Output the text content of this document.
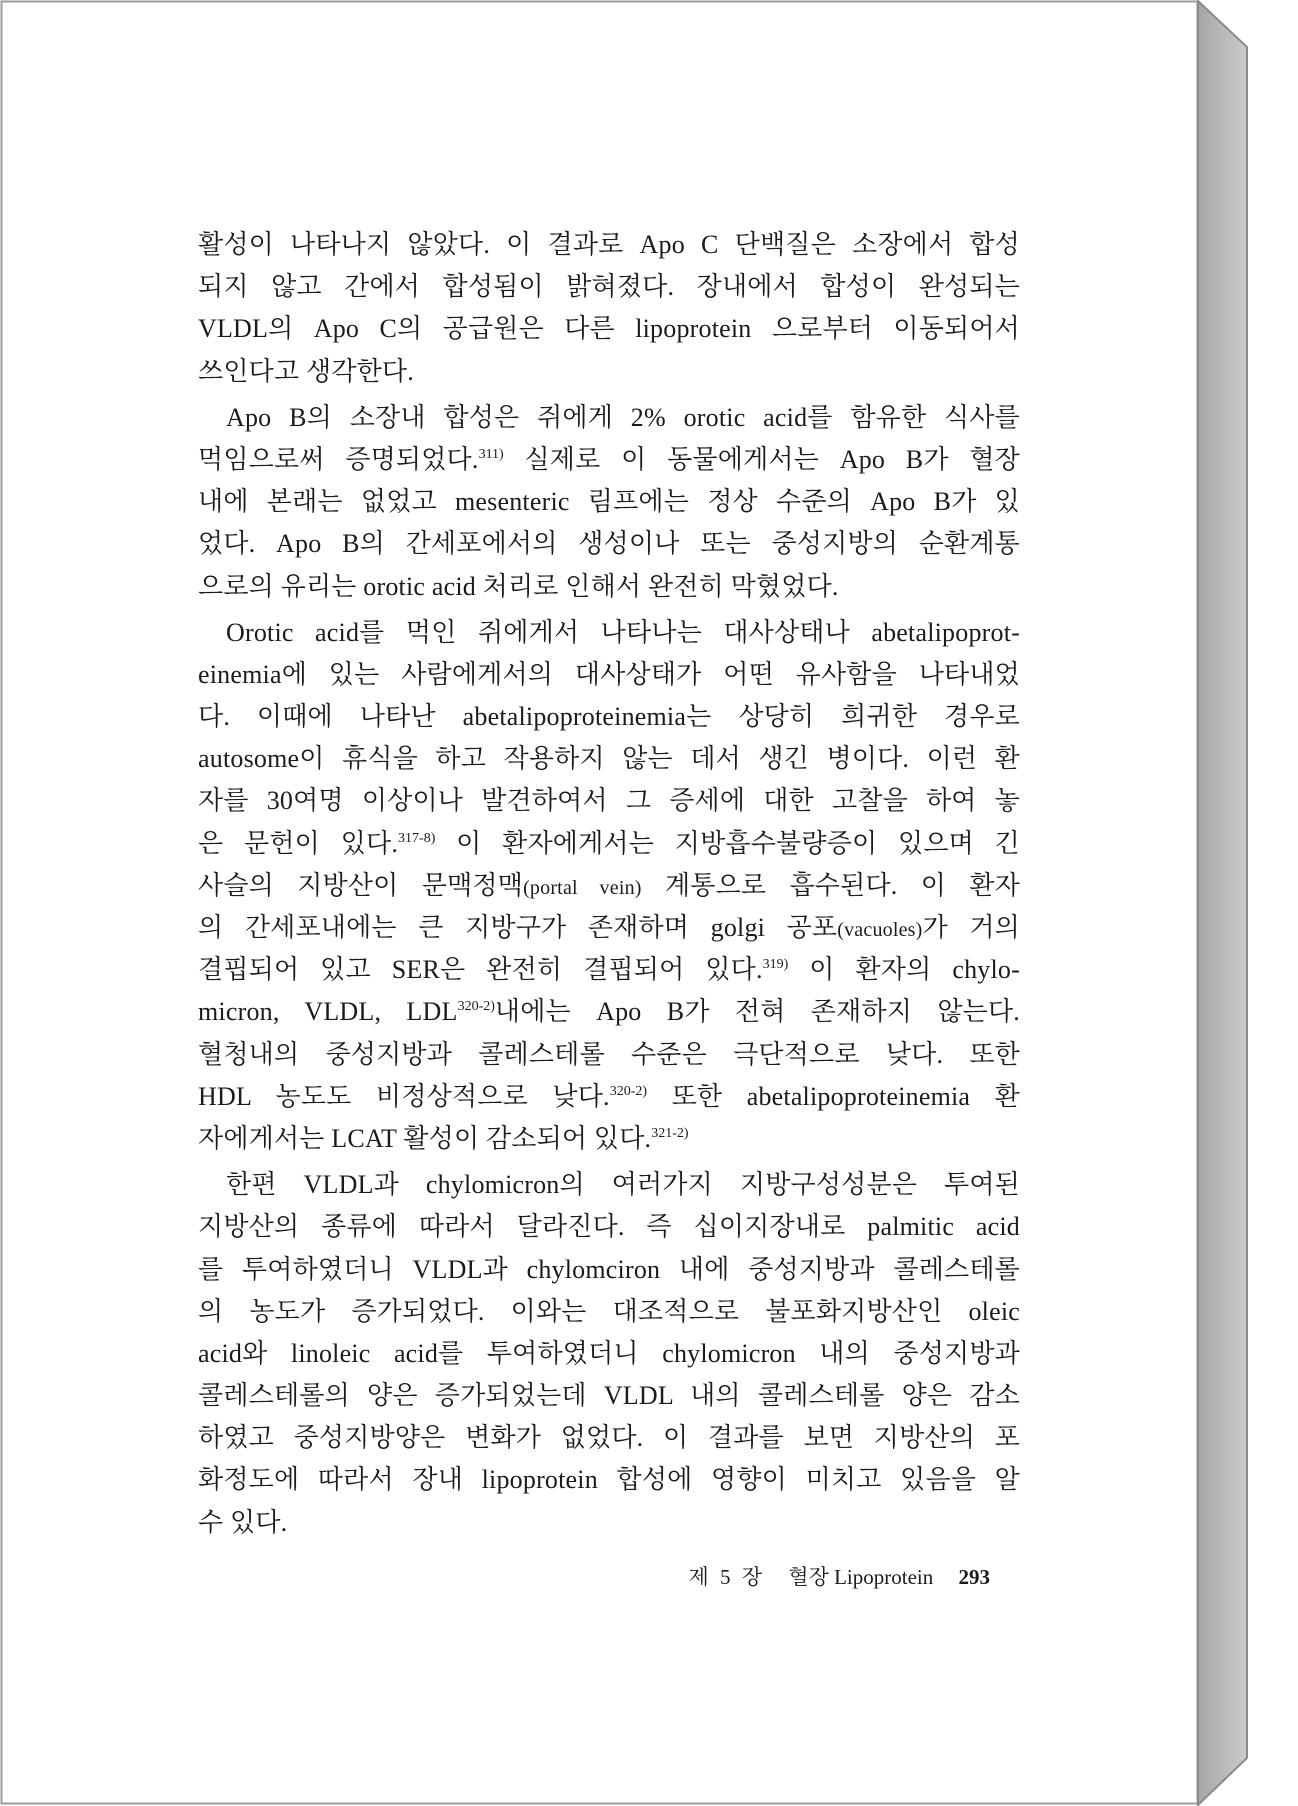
활성이 나타나지 않았다. 이 결과로 Apo C 단백질은 소장에서 합성
되지 않고 간에서 합성됨이 밝혀졌다. 장내에서 합성이 완성되는
VLDL의 Apo C의 공급원은 다른 lipoprotein 으로부터 이동되어서
쓰인다고 생각한다.
Apo B의 소장내 합성은 쥐에게 2% orotic acid를 함유한 식사를
먹임으로써 증명되었다.$^{311)}$ 실제로 이 동물에게서는 Apo B가 혈장
내에 본래는 없었고 mesenteric 림프에는 정상 수준의 Apo B가 있
었다. Apo B의 간세포에서의 생성이나 또는 중성지방의 순환계통
으로의 유리는 orotic acid 처리로 인해서 완전히 막혔었다.
Orotic acid를 먹인 쥐에게서 나타나는 대사상태나 abetalipoprot-
einemia에 있는 사람에게서의 대사상태가 어떤 유사함을 나타내었
다. 이때에 나타난 abetalipoproteinemia는 상당히 희귀한 경우로
autosome이 휴식을 하고 작용하지 않는 데서 생긴 병이다. 이런 환
자를 30여명 이상이나 발견하여서 그 증세에 대한 고찰을 하여 놓
은 문헌이 있다.$^{317-8)}$ 이 환자에게서는 지방흡수불량증이 있으며 긴
사슬의 지방산이 문맥정맥(portal vein) 계통으로 흡수된다. 이 환자
의 간세포내에는 큰 지방구가 존재하며 golgi 공포(vacuoles)가 거의
결핍되어 있고 SER은 완전히 결핍되어 있다.$^{319)}$ 이 환자의 chylo-
micron, VLDL, LDL$^{320-2)}$내에는 Apo B가 전혀 존재하지 않는다.
혈청내의 중성지방과 콜레스테롤 수준은 극단적으로 낮다. 또한
HDL 농도도 비정상적으로 낮다.$^{320-2)}$ 또한 abetalipoproteinemia 환
자에게서는 LCAT 활성이 감소되어 있다.$^{321-2)}$
한편 VLDL과 chylomicron의 여러가지 지방구성성분은 투여된
지방산의 종류에 따라서 달라진다. 즉 십이지장내로 palmitic acid
를 투여하였더니 VLDL과 chylomciron 내에 중성지방과 콜레스테롤
의 농도가 증가되었다. 이와는 대조적으로 불포화지방산인 oleic
acid와 linoleic acid를 투여하였더니 chylomicron 내의 중성지방과
콜레스테롤의 양은 증가되었는데 VLDL 내의 콜레스테롤 양은 감소
하였고 중성지방양은 변화가 없었다. 이 결과를 보면 지방산의 포
화정도에 따라서 장내 lipoprotein 합성에 영향이 미치고 있음을 알
수 있다.
제 5 장 혈장 Lipoprotein 293
